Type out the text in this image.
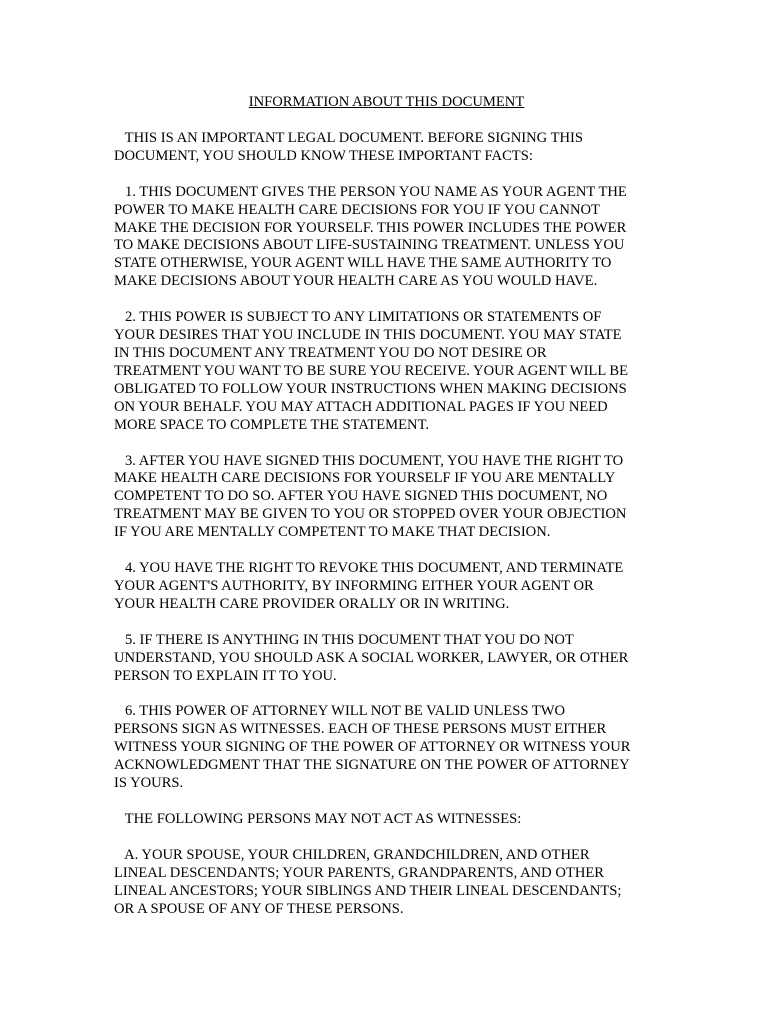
INFORMATION ABOUT THIS DOCUMENT
THIS IS AN IMPORTANT LEGAL DOCUMENT. BEFORE SIGNING THIS
DOCUMENT, YOU SHOULD KNOW THESE IMPORTANT FACTS:
1. THIS DOCUMENT GIVES THE PERSON YOU NAME AS YOUR AGENT THE
POWER TO MAKE HEALTH CARE DECISIONS FOR YOU IF YOU CANNOT
MAKE THE DECISION FOR YOURSELF. THIS POWER INCLUDES THE POWER
TO MAKE DECISIONS ABOUT LIFE-SUSTAINING TREATMENT. UNLESS YOU
STATE OTHERWISE, YOUR AGENT WILL HAVE THE SAME AUTHORITY TO
MAKE DECISIONS ABOUT YOUR HEALTH CARE AS YOU WOULD HAVE.
2. THIS POWER IS SUBJECT TO ANY LIMITATIONS OR STATEMENTS OF
YOUR DESIRES THAT YOU INCLUDE IN THIS DOCUMENT. YOU MAY STATE
IN THIS DOCUMENT ANY TREATMENT YOU DO NOT DESIRE OR
TREATMENT YOU WANT TO BE SURE YOU RECEIVE. YOUR AGENT WILL BE
OBLIGATED TO FOLLOW YOUR INSTRUCTIONS WHEN MAKING DECISIONS
ON YOUR BEHALF. YOU MAY ATTACH ADDITIONAL PAGES IF YOU NEED
MORE SPACE TO COMPLETE THE STATEMENT.
3. AFTER YOU HAVE SIGNED THIS DOCUMENT, YOU HAVE THE RIGHT TO
MAKE HEALTH CARE DECISIONS FOR YOURSELF IF YOU ARE MENTALLY
COMPETENT TO DO SO. AFTER YOU HAVE SIGNED THIS DOCUMENT, NO
TREATMENT MAY BE GIVEN TO YOU OR STOPPED OVER YOUR OBJECTION
IF YOU ARE MENTALLY COMPETENT TO MAKE THAT DECISION.
4. YOU HAVE THE RIGHT TO REVOKE THIS DOCUMENT, AND TERMINATE
YOUR AGENT'S AUTHORITY, BY INFORMING EITHER YOUR AGENT OR
YOUR HEALTH CARE PROVIDER ORALLY OR IN WRITING.
5. IF THERE IS ANYTHING IN THIS DOCUMENT THAT YOU DO NOT
UNDERSTAND, YOU SHOULD ASK A SOCIAL WORKER, LAWYER, OR OTHER
PERSON TO EXPLAIN IT TO YOU.
6. THIS POWER OF ATTORNEY WILL NOT BE VALID UNLESS TWO
PERSONS SIGN AS WITNESSES. EACH OF THESE PERSONS MUST EITHER
WITNESS YOUR SIGNING OF THE POWER OF ATTORNEY OR WITNESS YOUR
ACKNOWLEDGMENT THAT THE SIGNATURE ON THE POWER OF ATTORNEY
IS YOURS.
THE FOLLOWING PERSONS MAY NOT ACT AS WITNESSES:
A. YOUR SPOUSE, YOUR CHILDREN, GRANDCHILDREN, AND OTHER
LINEAL DESCENDANTS; YOUR PARENTS, GRANDPARENTS, AND OTHER
LINEAL ANCESTORS; YOUR SIBLINGS AND THEIR LINEAL DESCENDANTS;
OR A SPOUSE OF ANY OF THESE PERSONS.
